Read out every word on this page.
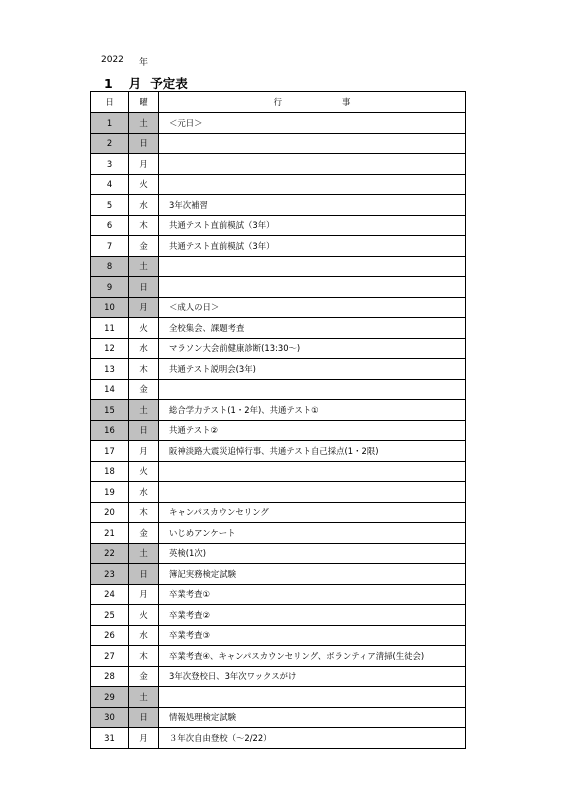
2022 年
1 月 予定表
日	曜	行 事
1	土	＜元日＞
2	日	
3	月	
4	火	
5	水	3年次補習
6	木	共通テスト直前模試（3年）
7	金	共通テスト直前模試（3年）
8	土	
9	日	
10	月	＜成人の日＞
11	火	全校集会、課題考査
12	水	マラソン大会前健康診断(13:30～)
13	木	共通テスト説明会(3年)
14	金	
15	土	総合学力テスト(1・2年)、共通テスト①
16	日	共通テスト②
17	月	阪神淡路大震災追悼行事、共通テスト自己採点(1・2限)
18	火	
19	水	
20	木	キャンパスカウンセリング
21	金	いじめアンケート
22	土	英検(1次)
23	日	簿記実務検定試験
24	月	卒業考査①
25	火	卒業考査②
26	水	卒業考査③
27	木	卒業考査④、キャンパスカウンセリング、ボランティア清掃(生徒会)
28	金	3年次登校日、3年次ワックスがけ
29	土	
30	日	情報処理検定試験
31	月	３年次自由登校（～2/22）
